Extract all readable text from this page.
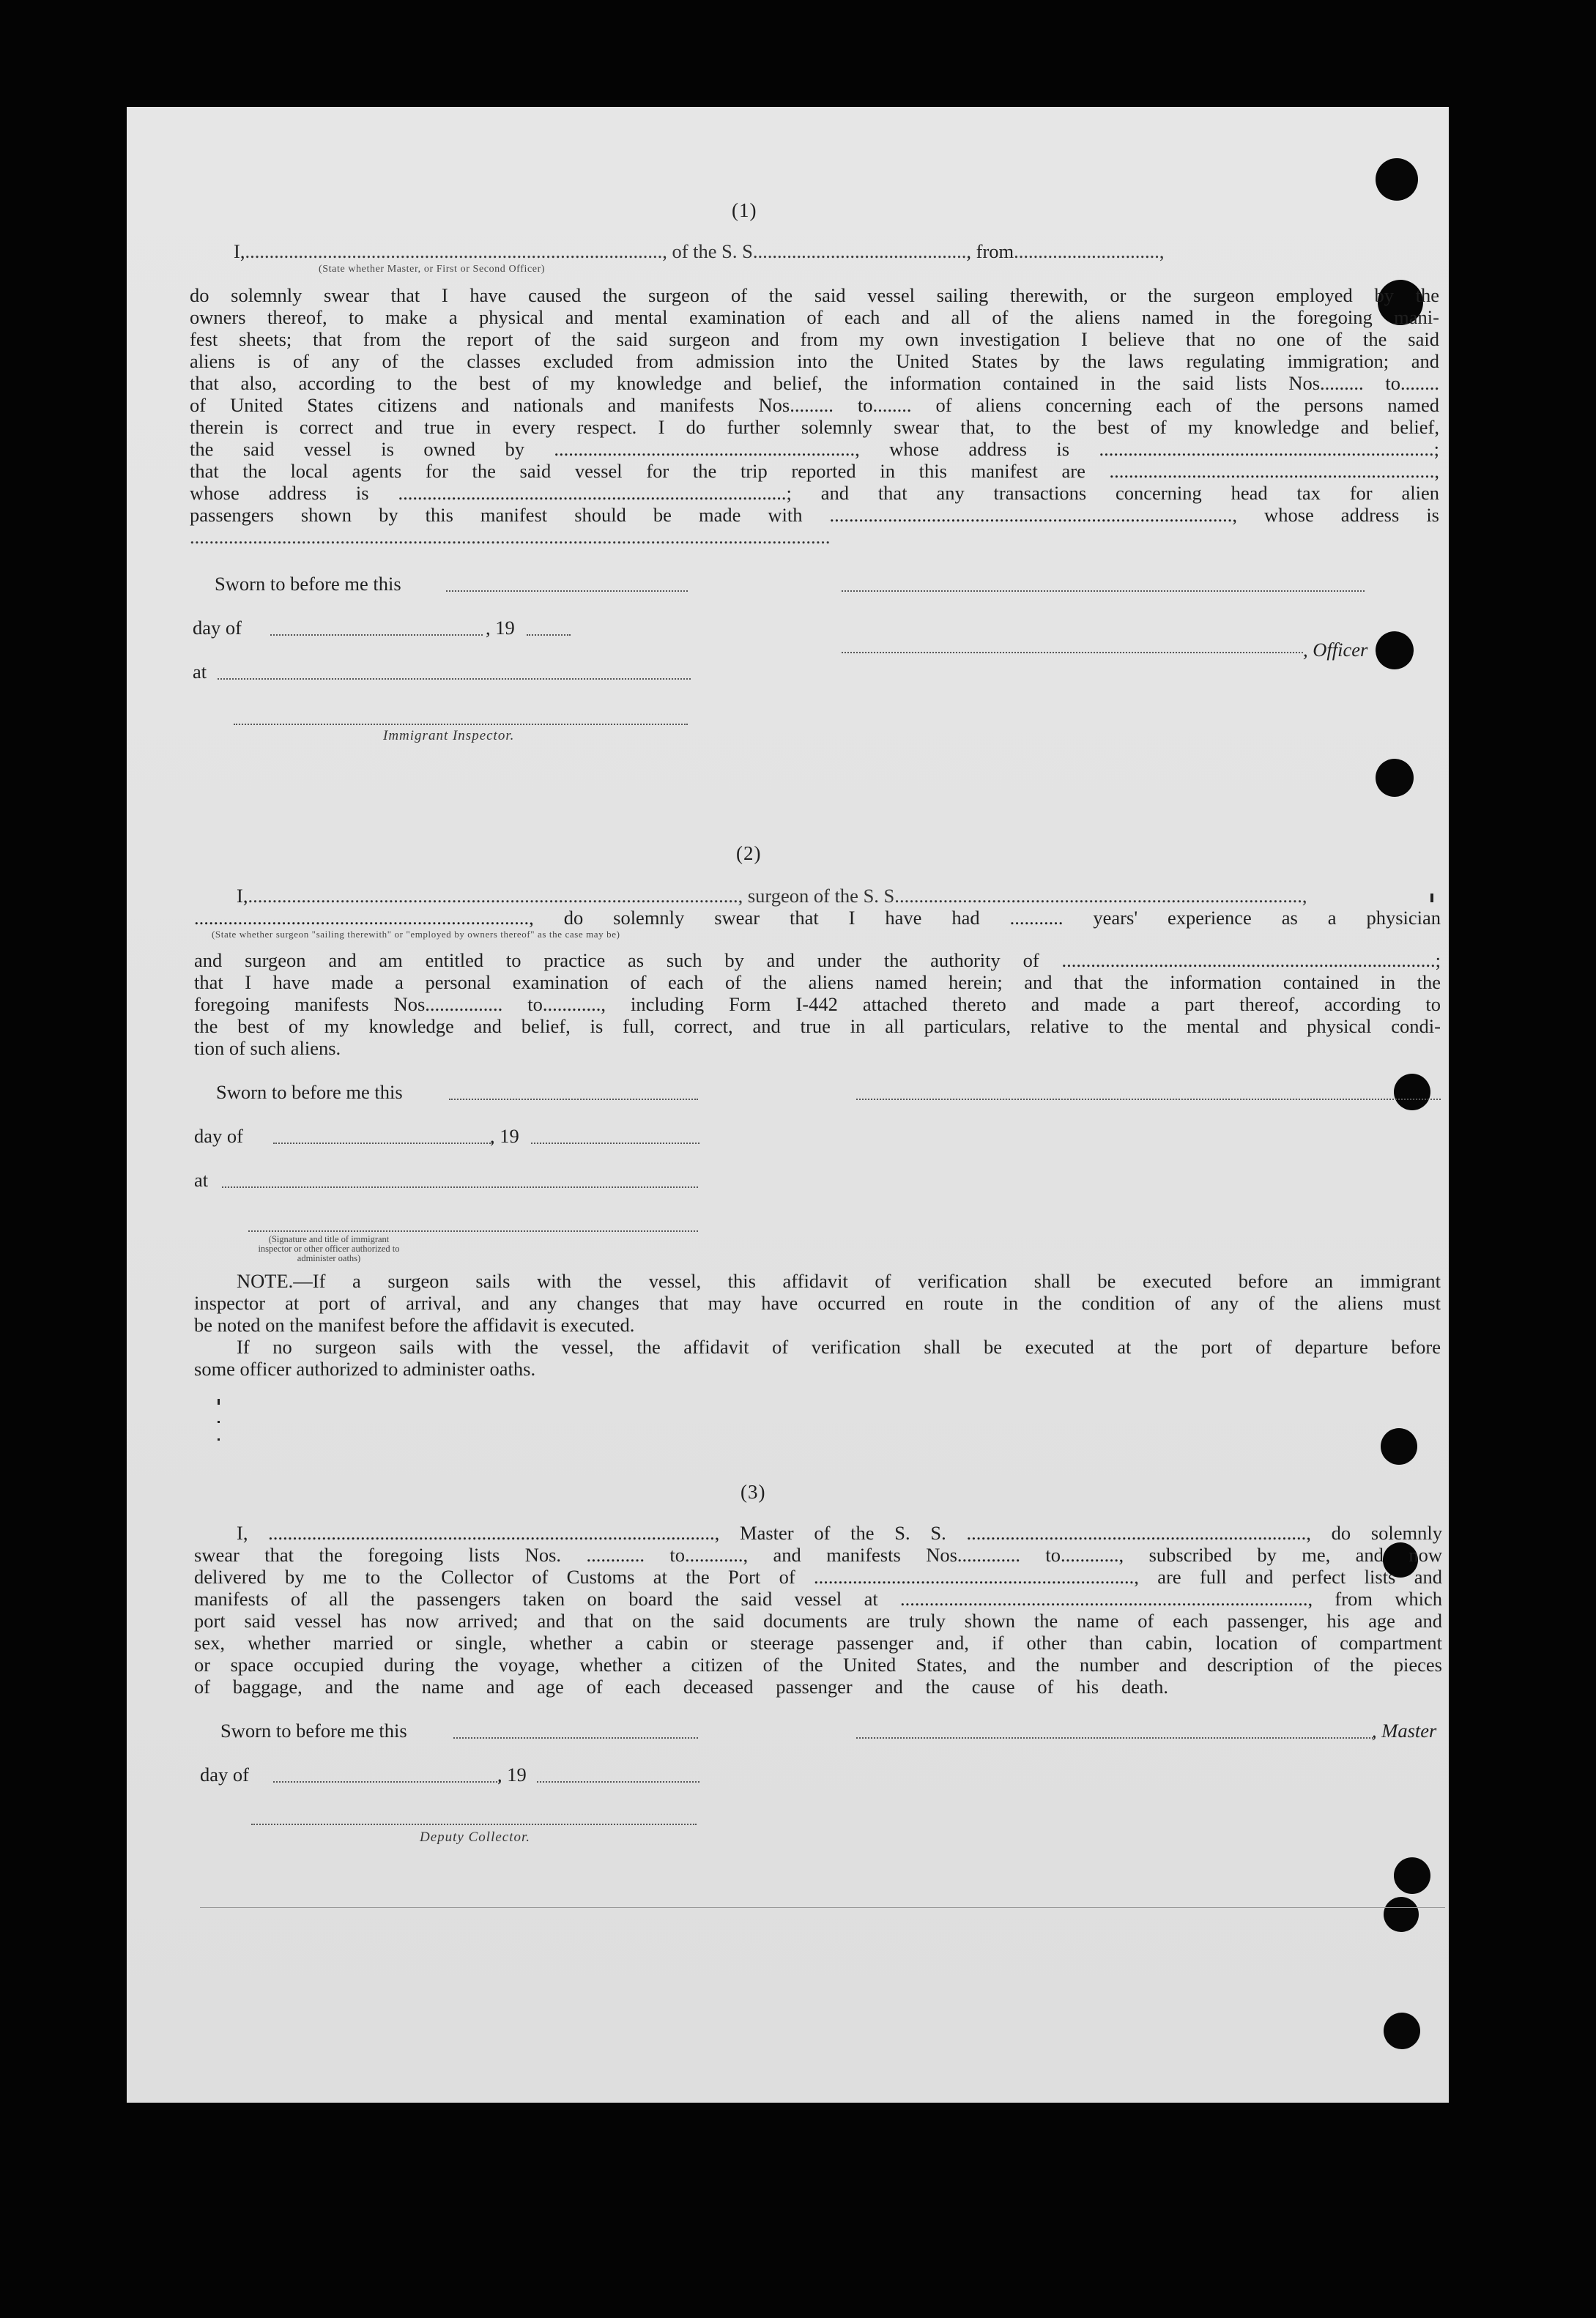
(1)
I, ......................................................................................, of the S. S. ........................................... , from ..............................,
(State whether Master, or First or Second Officer)
do solemnly swear that I have caused the surgeon of the said vessel sailing therewith, or the surgeon employed by the
owners thereof, to make a physical and mental examination of each and all of the aliens named in the foregoing mani-
fest sheets; that from the report of the said surgeon and from my own investigation I believe that no one of the said
aliens is of any of the classes excluded from admission into the United States by the laws regulating immigration; and
that also, according to the best of my knowledge and belief, the information contained in the said lists Nos......... to........
of United States citizens and nationals and manifests Nos......... to........ of aliens concerning each of the persons named
therein is correct and true in every respect. I do further solemnly swear that, to the best of my knowledge and belief,
the said vessel is owned by .............................................................., whose address is .....................................................................;
that the local agents for the said vessel for the trip reported in this manifest are ...................................................................,
whose address is ................................................................................; and that any transactions concerning head tax for alien
passengers shown by this manifest should be made with ..................................................................................., whose address is
....................................................................................................................................
Sworn to before me this
day of	, 19
, Officer
at
Immigrant Inspector.
(2)
I, ....................................................................................................., surgeon of the S. S. ...................................................................................,
....................................................................., do solemnly swear that I have had ........... years' experience as a physician
(State whether surgeon "sailing therewith" or "employed by owners thereof" as the case may be)
and surgeon and am entitled to practice as such by and under the authority of .............................................................................;
that I have made a personal examination of each of the aliens named herein; and that the information contained in the
foregoing manifests Nos................ to............, including Form I-442 attached thereto and made a part thereof, according to
the best of my knowledge and belief, is full, correct, and true in all particulars, relative to the mental and physical condi-
tion of such aliens.
Sworn to before me this
day of	, 19
at
(Signature and title of immigrant inspector or other officer authorized to administer oaths)
NOTE.—If a surgeon sails with the vessel, this affidavit of verification shall be executed before an immigrant
inspector at port of arrival, and any changes that may have occurred en route in the condition of any of the aliens must
be noted on the manifest before the affidavit is executed.
If no surgeon sails with the vessel, the affidavit of verification shall be executed at the port of departure before
some officer authorized to administer oaths.
(3)
I, ............................................................................................, Master of the S. S. ......................................................................, do solemnly
swear that the foregoing lists Nos. ............ to............, and manifests Nos............. to............, subscribed by me, and now
delivered by me to the Collector of Customs at the Port of .................................................................., are full and perfect lists and
manifests of all the passengers taken on board the said vessel at ...................................................................................., from which
port said vessel has now arrived; and that on the said documents are truly shown the name of each passenger, his age and
sex, whether married or single, whether a cabin or steerage passenger and, if other than cabin, location of compartment
or space occupied during the voyage, whether a citizen of the United States, and the number and description of the pieces
of baggage, and the name and age of each deceased passenger and the cause of his death.
Sworn to before me this	, Master
day of	, 19
Deputy Collector.
